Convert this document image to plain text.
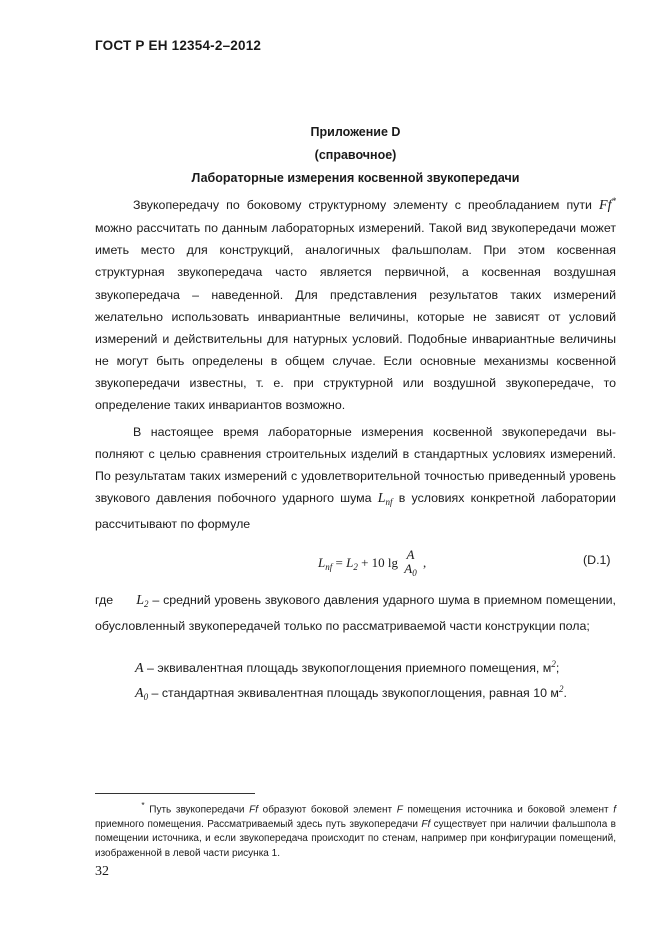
ГОСТ Р ЕН 12354-2–2012
Приложение D
(справочное)
Лабораторные измерения косвенной звукопередачи
Звукопередачу по боковому структурному элементу с преобладанием пути Ff* можно рассчитать по данным лабораторных измерений. Такой вид звукопередачи может иметь место для конструкций, аналогичных фальшполам. При этом косвенная структурная звукопередача часто является первичной, а косвенная воздушная звукопередача – наведенной. Для представления результатов таких измерений желательно использовать инвариантные величины, которые не зависят от условий измерений и действительны для натурных условий. Подобные инвариантные величины не могут быть определены в общем случае. Если основные механизмы косвенной звукопередачи известны, т. е. при структурной или воздушной звукопередаче, то определение таких инвариантов возможно.
В настоящее время лабораторные измерения косвенной звукопередачи выполняют с целью сравнения строительных изделий в стандартных условиях измерений. По результатам таких измерений с удовлетворительной точностью приведенный уровень звукового давления побочного ударного шума $L_{nf}$ в условиях конкретной лаборатории рассчитывают по формуле
$L_{nf} = L_2 + 10$ lg
A
$A_0$
,	(D.1)
где $L_2$ – средний уровень звукового давления ударного шума в приемном помещении, обусловленный звукопередачей только по рассматриваемой части конструкции пола;
A – эквивалентная площадь звукопоглощения приемного помещения, $м^2$;
$A_0$ – стандартная эквивалентная площадь звукопоглощения, равная 10 $м^2$.
* Путь звукопередачи Ff образуют боковой элемент F помещения источника и боковой элемент f приемного помещения. Рассматриваемый здесь путь звукопередачи Ff существует при наличии фальшпола в помещении источника, и если звукопередача происходит по стенам, например при конфигурации помещений, изображенной в левой части рисунка 1.
32
